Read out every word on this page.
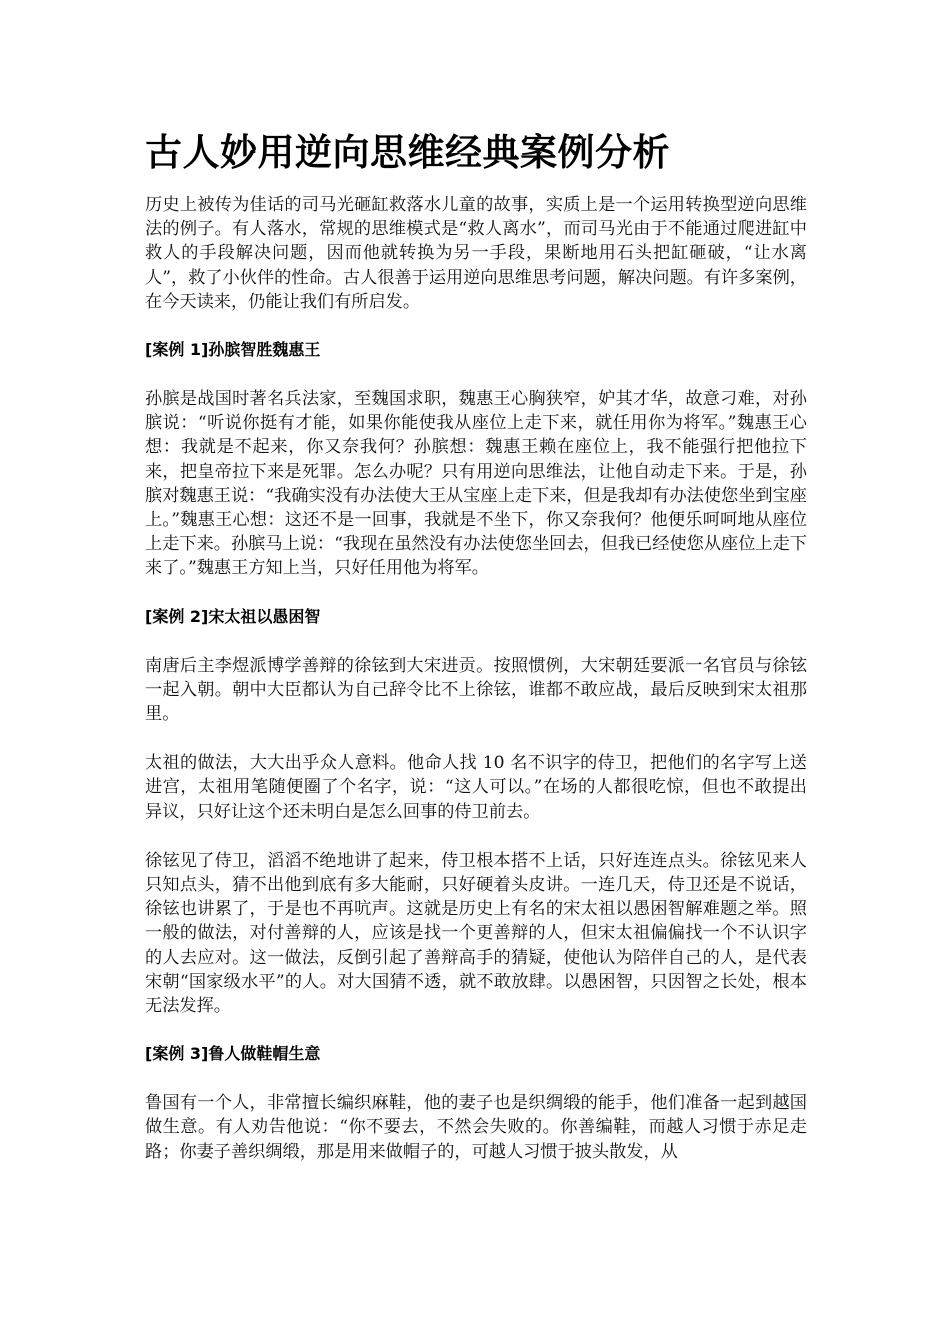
古人妙用逆向思维经典案例分析

历史上被传为佳话的司马光砸缸救落水儿童的故事，实质上是一个运用转换型逆向思维法的例子。有人落水，常规的思维模式是“救人离水”，而司马光由于不能通过爬进缸中救人的手段解决问题，因而他就转换为另一手段，果断地用石头把缸砸破，“让水离人”，救了小伙伴的性命。古人很善于运用逆向思维思考问题，解决问题。有许多案例，在今天读来，仍能让我们有所启发。

[案例 1]孙膑智胜魏惠王

孙膑是战国时著名兵法家，至魏国求职，魏惠王心胸狭窄，妒其才华，故意刁难，对孙膑说：“听说你挺有才能，如果你能使我从座位上走下来，就任用你为将军。”魏惠王心想：我就是不起来，你又奈我何？孙膑想：魏惠王赖在座位上，我不能强行把他拉下来，把皇帝拉下来是死罪。怎么办呢？只有用逆向思维法，让他自动走下来。于是，孙膑对魏惠王说：“我确实没有办法使大王从宝座上走下来，但是我却有办法使您坐到宝座上。”魏惠王心想：这还不是一回事，我就是不坐下，你又奈我何？他便乐呵呵地从座位上走下来。孙膑马上说：“我现在虽然没有办法使您坐回去，但我已经使您从座位上走下来了。”魏惠王方知上当，只好任用他为将军。

[案例 2]宋太祖以愚困智

南唐后主李煜派博学善辩的徐铉到大宋进贡。按照惯例，大宋朝廷要派一名官员与徐铉一起入朝。朝中大臣都认为自己辞令比不上徐铉，谁都不敢应战，最后反映到宋太祖那里。

太祖的做法，大大出乎众人意料。他命人找 10 名不识字的侍卫，把他们的名字写上送进宫，太祖用笔随便圈了个名字，说：“这人可以。”在场的人都很吃惊，但也不敢提出异议，只好让这个还未明白是怎么回事的侍卫前去。

徐铉见了侍卫，滔滔不绝地讲了起来，侍卫根本搭不上话，只好连连点头。徐铉见来人只知点头，猜不出他到底有多大能耐，只好硬着头皮讲。一连几天，侍卫还是不说话，徐铉也讲累了，于是也不再吭声。这就是历史上有名的宋太祖以愚困智解难题之举。照一般的做法，对付善辩的人，应该是找一个更善辩的人，但宋太祖偏偏找一个不认识字的人去应对。这一做法，反倒引起了善辩高手的猜疑，使他认为陪伴自己的人，是代表宋朝“国家级水平”的人。对大国猜不透，就不敢放肆。以愚困智，只因智之长处，根本无法发挥。

[案例 3]鲁人做鞋帽生意

鲁国有一个人，非常擅长编织麻鞋，他的妻子也是织绸缎的能手，他们准备一起到越国做生意。有人劝告他说：“你不要去，不然会失败的。你善编鞋，而越人习惯于赤足走路；你妻子善织绸缎，那是用来做帽子的，可越人习惯于披头散发，从
